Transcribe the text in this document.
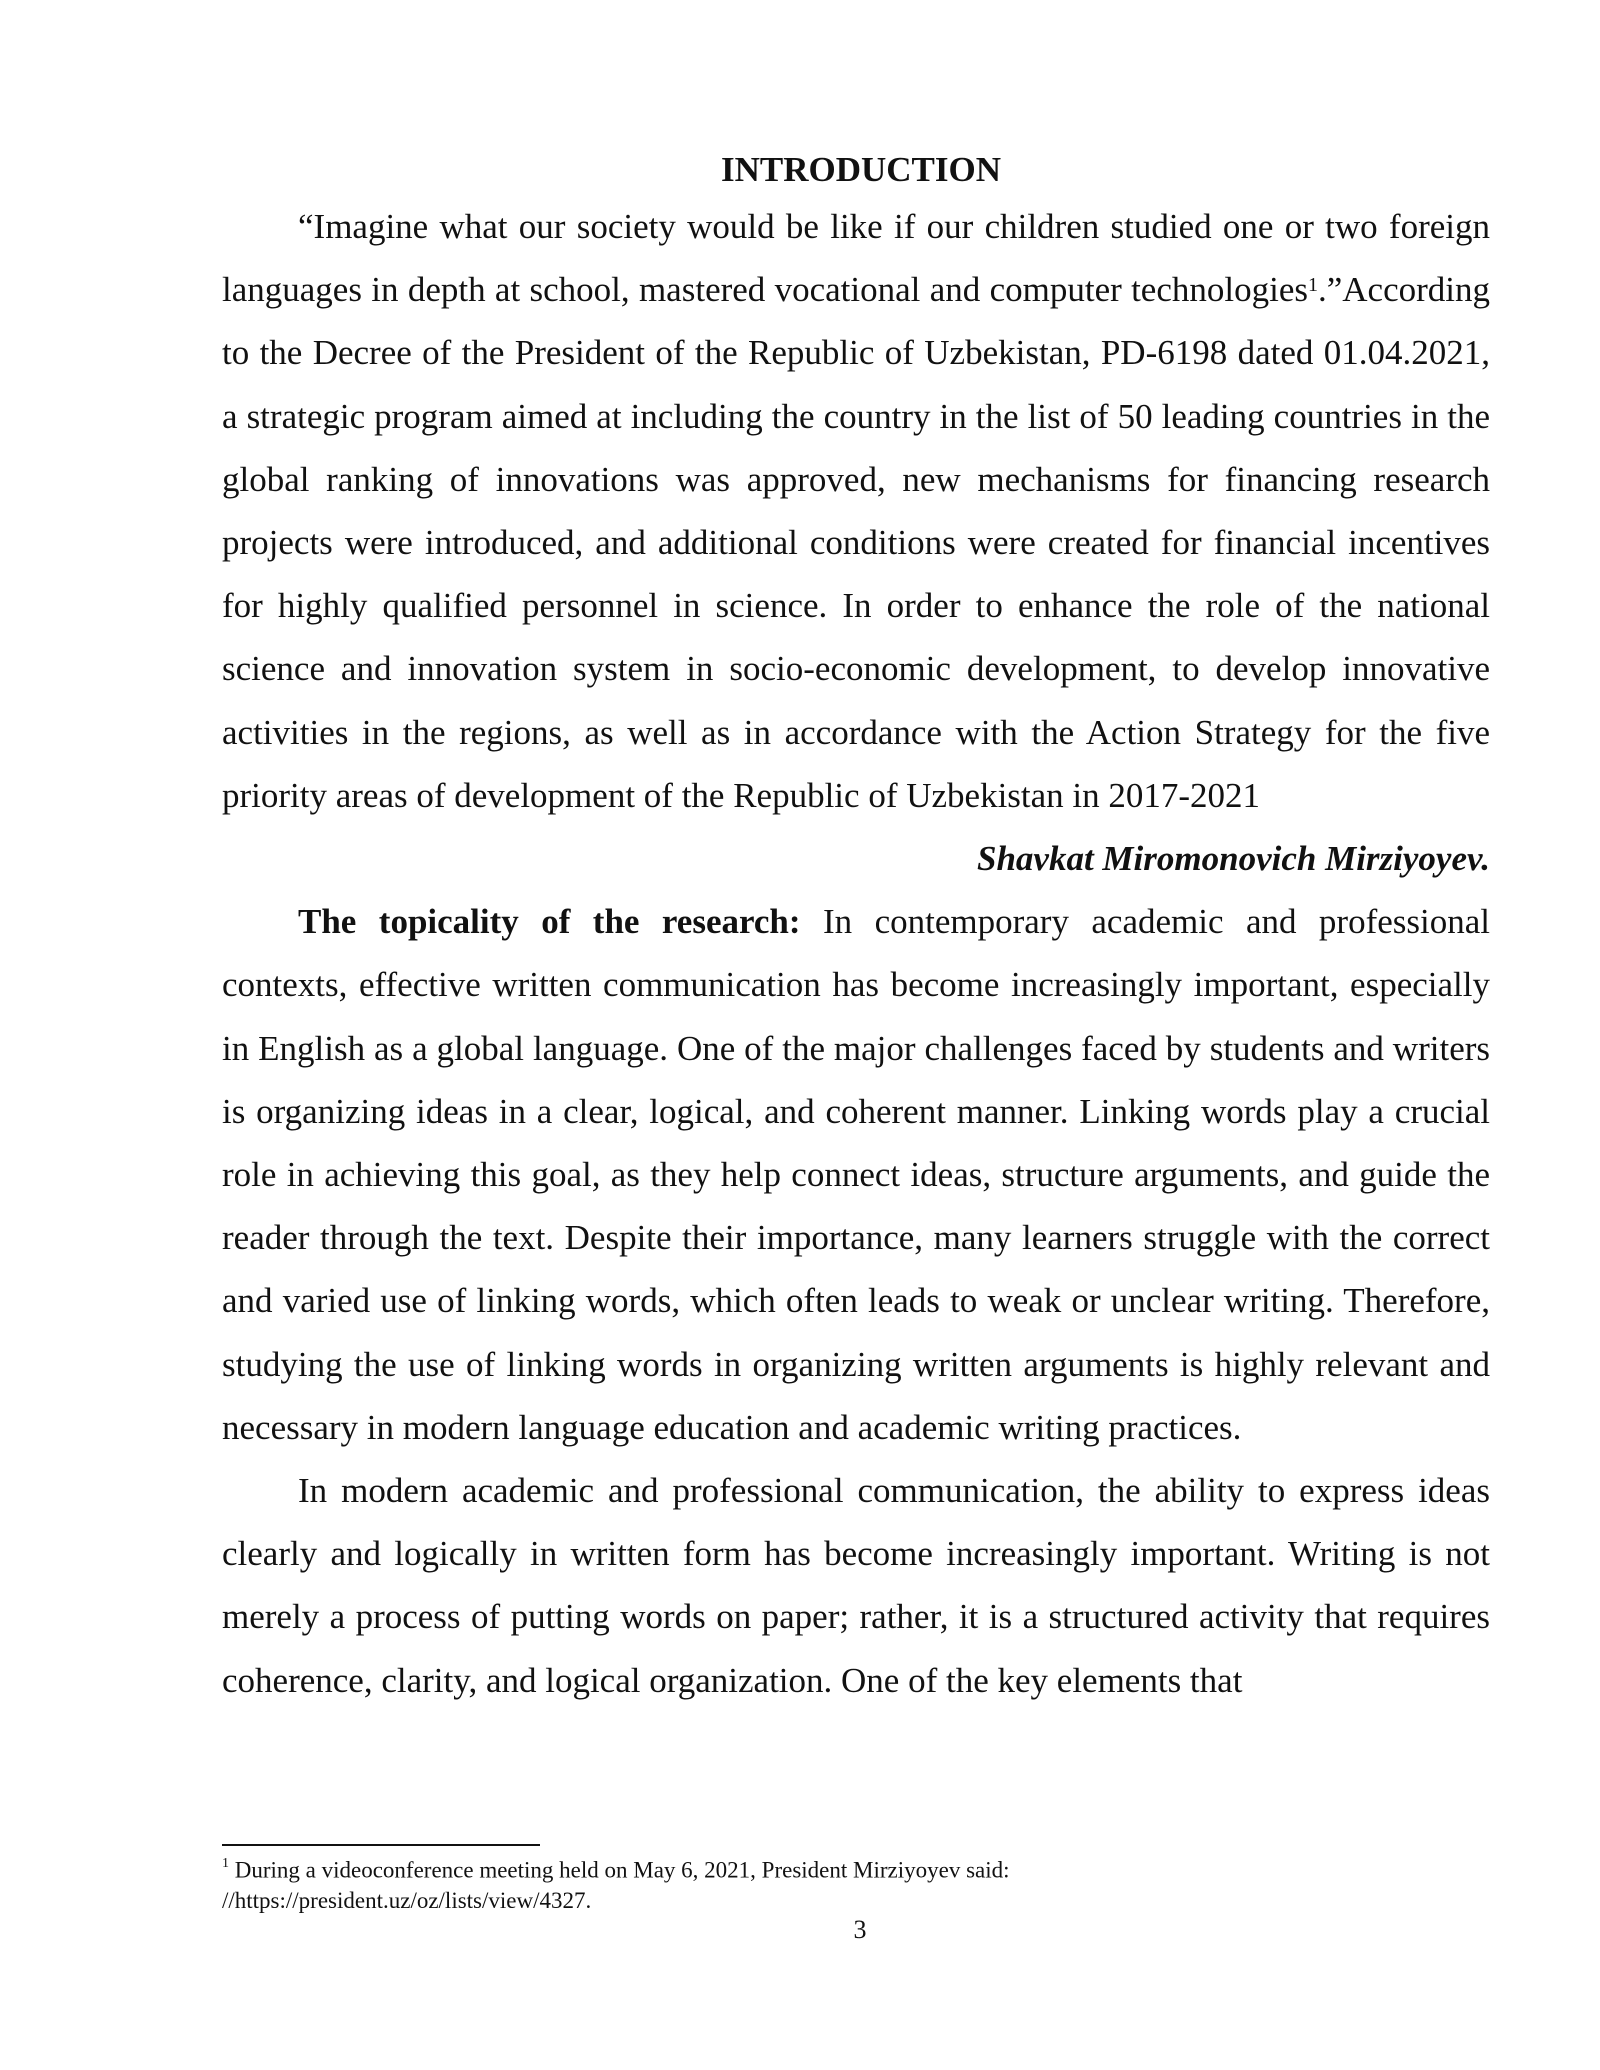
INTRODUCTION

“Imagine what our society would be like if our children studied one or two foreign languages in depth at school, mastered vocational and computer technologies$^1$.”According to the Decree of the President of the Republic of Uzbekistan, PD-6198 dated 01.04.2021, a strategic program aimed at including the country in the list of 50 leading countries in the global ranking of innovations was approved, new mechanisms for financing research projects were introduced, and additional conditions were created for financial incentives for highly qualified personnel in science. In order to enhance the role of the national science and innovation system in socio-economic development, to develop innovative activities in the regions, as well as in accordance with the Action Strategy for the five priority areas of development of the Republic of Uzbekistan in 2017-2021

Shavkat Miromonovich Mirziyoyev.

The topicality of the research: In contemporary academic and professional contexts, effective written communication has become increasingly important, especially in English as a global language. One of the major challenges faced by students and writers is organizing ideas in a clear, logical, and coherent manner. Linking words play a crucial role in achieving this goal, as they help connect ideas, structure arguments, and guide the reader through the text. Despite their importance, many learners struggle with the correct and varied use of linking words, which often leads to weak or unclear writing. Therefore, studying the use of linking words in organizing written arguments is highly relevant and necessary in modern language education and academic writing practices.

In modern academic and professional communication, the ability to express ideas clearly and logically in written form has become increasingly important. Writing is not merely a process of putting words on paper; rather, it is a structured activity that requires coherence, clarity, and logical organization. One of the key elements that

$^1$ During a videoconference meeting held on May 6, 2021, President Mirziyoyev said:
//https://president.uz/oz/lists/view/4327.
3
